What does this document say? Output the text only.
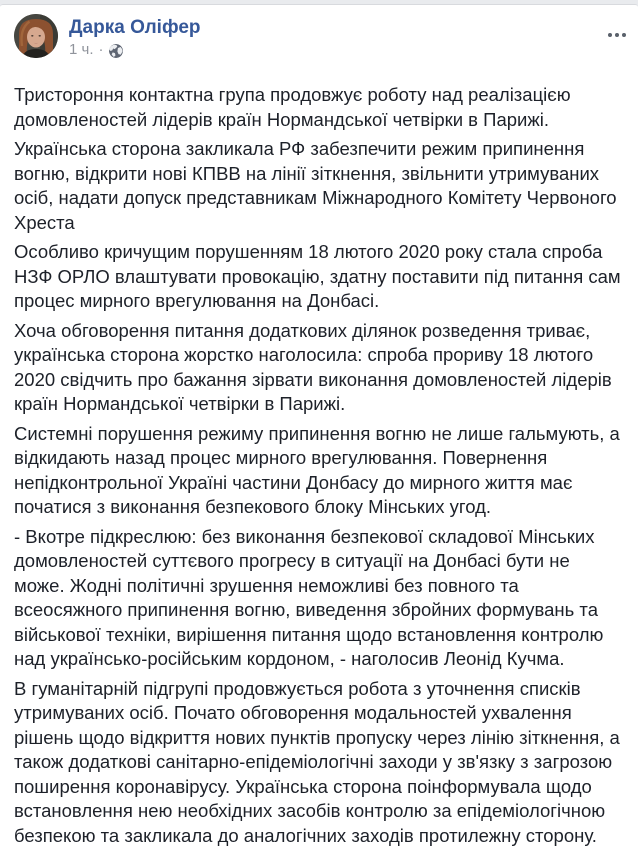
Дарка Оліфер
1 ч. ·

Тристороння контактна група продовжує роботу над реалізацією домовленостей лідерів країн Нормандської четвірки в Парижі.

Українська сторона закликала РФ забезпечити режим припинення вогню, відкрити нові КПВВ на лінії зіткнення, звільнити утримуваних осіб, надати допуск представникам Міжнародного Комітету Червоного Хреста

Особливо кричущим порушенням 18 лютого 2020 року стала спроба НЗФ ОРЛО влаштувати провокацію, здатну поставити під питання сам процес мирного врегулювання на Донбасі.

Хоча обговорення питання додаткових ділянок розведення триває, українська сторона жорстко наголосила: спроба прориву 18 лютого 2020 свідчить про бажання зірвати виконання домовленостей лідерів країн Нормандської четвірки в Парижі.

Системні порушення режиму припинення вогню не лише гальмують, а відкидають назад процес мирного врегулювання. Повернення непідконтрольної Україні частини Донбасу до мирного життя має початися з виконання безпекового блоку Мінських угод.

- Вкотре підкреслюю: без виконання безпекової складової Мінських домовленостей суттєвого прогресу в ситуації на Донбасі бути не може. Жодні політичні зрушення неможливі без повного та всеосяжного припинення вогню, виведення збройних формувань та військової техніки, вирішення питання щодо встановлення контролю над українсько-російським кордоном, - наголосив Леонід Кучма.

В гуманітарній підгрупі продовжується робота з уточнення списків утримуваних осіб. Почато обговорення модальностей ухвалення рішень щодо відкриття нових пунктів пропуску через лінію зіткнення, а також додаткові санітарно-епідеміологічні заходи у зв'язку з загрозою поширення коронавірусу. Українська сторона поінформувала щодо встановлення нею необхідних засобів контролю за епідеміологічною безпекою та закликала до аналогічних заходів протилежну сторону.
